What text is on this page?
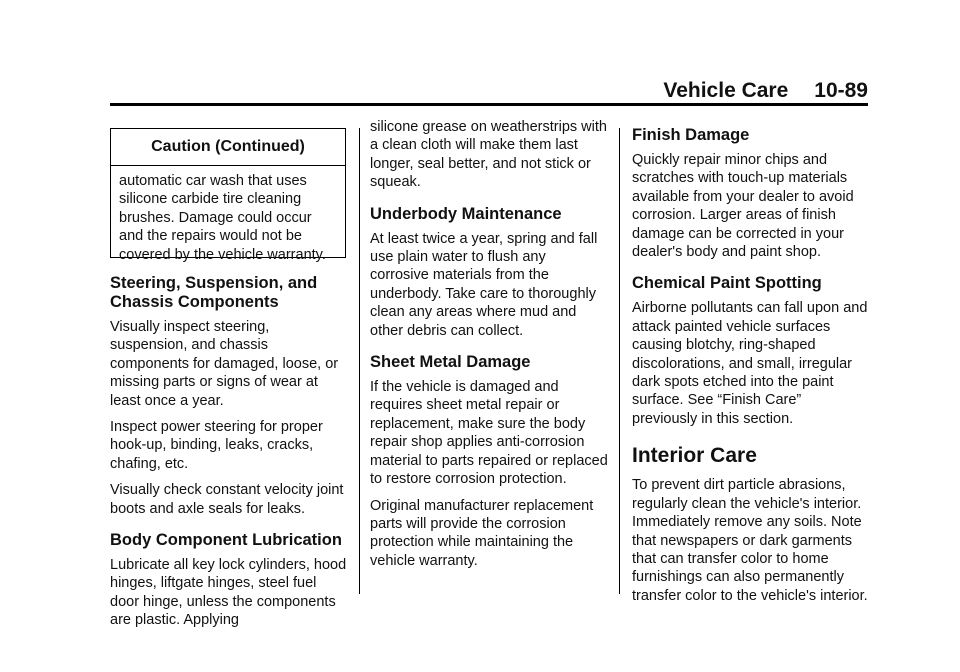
Vehicle Care 10-89
Caution (Continued)
automatic car wash that uses silicone carbide tire cleaning brushes. Damage could occur and the repairs would not be covered by the vehicle warranty.
Steering, Suspension, and Chassis Components

Visually inspect steering, suspension, and chassis components for damaged, loose, or missing parts or signs of wear at least once a year.

Inspect power steering for proper hook-up, binding, leaks, cracks, chafing, etc.

Visually check constant velocity joint boots and axle seals for leaks.

Body Component Lubrication

Lubricate all key lock cylinders, hood hinges, liftgate hinges, steel fuel door hinge, unless the components are plastic. Applying

silicone grease on weatherstrips with a clean cloth will make them last longer, seal better, and not stick or squeak.

Underbody Maintenance

At least twice a year, spring and fall use plain water to flush any corrosive materials from the underbody. Take care to thoroughly clean any areas where mud and other debris can collect.

Sheet Metal Damage

If the vehicle is damaged and requires sheet metal repair or replacement, make sure the body repair shop applies anti-corrosion material to parts repaired or replaced to restore corrosion protection.

Original manufacturer replacement parts will provide the corrosion protection while maintaining the vehicle warranty.

Finish Damage

Quickly repair minor chips and scratches with touch-up materials available from your dealer to avoid corrosion. Larger areas of finish damage can be corrected in your dealer's body and paint shop.

Chemical Paint Spotting

Airborne pollutants can fall upon and attack painted vehicle surfaces causing blotchy, ring-shaped discolorations, and small, irregular dark spots etched into the paint surface. See “Finish Care” previously in this section.

Interior Care

To prevent dirt particle abrasions, regularly clean the vehicle's interior. Immediately remove any soils. Note that newspapers or dark garments that can transfer color to home furnishings can also permanently transfer color to the vehicle's interior.
